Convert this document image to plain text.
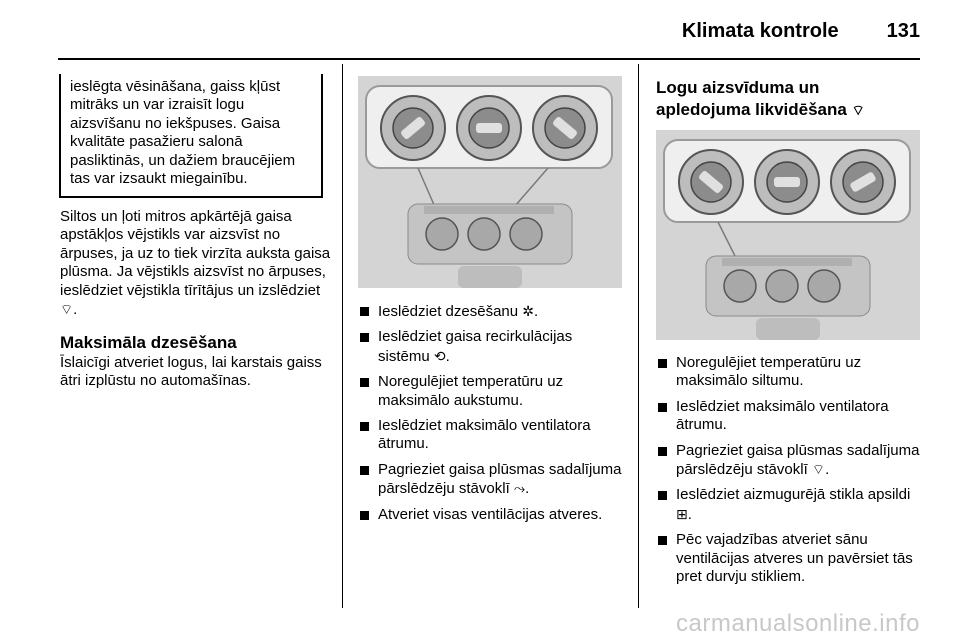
Klimata kontrole 131
ieslēgta vēsināšana, gaiss kļūst mitrāks un var izraisīt logu aizsvīšanu no iekšpuses. Gaisa kvalitāte pasažieru salonā pasliktinās, un dažiem braucējiem tas var izsaukt miegainību.
Siltos un ļoti mitros apkārtējā gaisa apstākļos vējstikls var aizsvīst no ārpuses, ja uz to tiek virzīta auksta gaisa plūsma. Ja vējstikls aizsvīst no ārpuses, ieslēdziet vējstikla tīrītājus un izslēdziet ⌔.
Maksimāla dzesēšana
Īslaicīgi atveriet logus, lai karstais gaiss ātri izplūstu no automašīnas.
Ieslēdziet dzesēšanu ✲.
Ieslēdziet gaisa recirkulācijas sistēmu ⟲.
Noregulējiet temperatūru uz maksimālo aukstumu.
Ieslēdziet maksimālo ventilatora ātrumu.
Pagrieziet gaisa plūsmas sadalījuma pārslēdzēju stāvoklī ⤳.
Atveriet visas ventilācijas atveres.
Logu aizsvīduma un
apledojuma likvidēšana ⌔
Noregulējiet temperatūru uz maksimālo siltumu.
Ieslēdziet maksimālo ventilatora ātrumu.
Pagrieziet gaisa plūsmas sadalījuma pārslēdzēju stāvoklī ⌔.
Ieslēdziet aizmugurējā stikla apsildi ⊞.
Pēc vajadzības atveriet sānu ventilācijas atveres un pavērsiet tās pret durvju stikliem.
carmanualsonline.info
